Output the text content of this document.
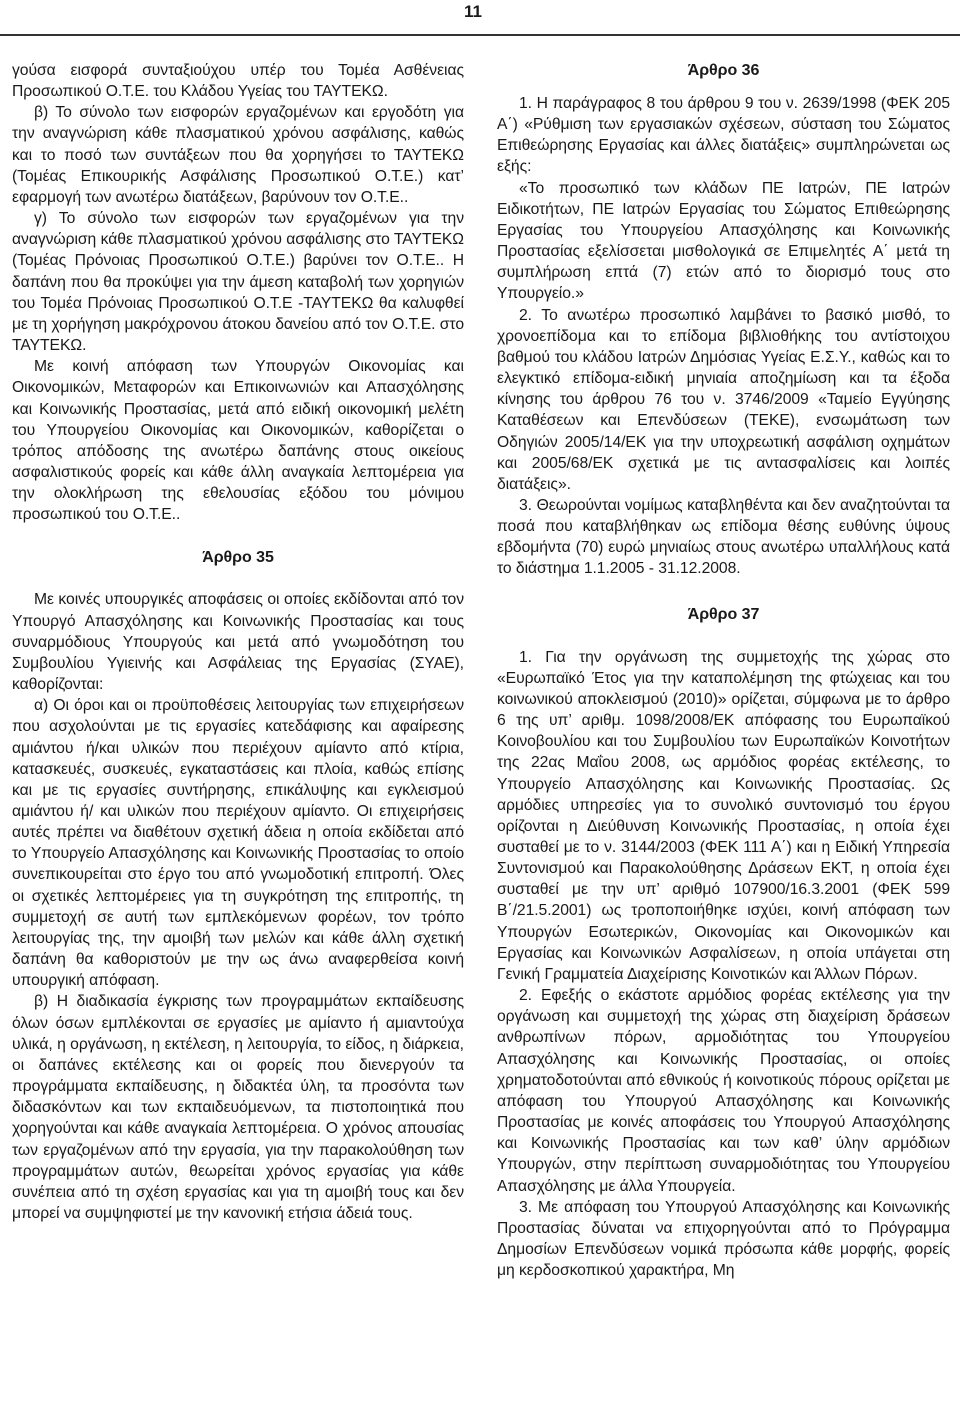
11

γούσα εισφορά συνταξιούχου υπέρ του Τομέα Ασθένειας Προσωπικού Ο.Τ.Ε. του Κλάδου Υγείας του ΤΑΥΤΕΚΩ.

β) Το σύνολο των εισφορών εργαζομένων και εργοδότη για την αναγνώριση κάθε πλασματικού χρόνου ασφάλισης, καθώς και το ποσό των συντάξεων που θα χορηγήσει το ΤΑΥΤΕΚΩ (Τομέας Επικουρικής Ασφάλισης Προσωπικού Ο.Τ.Ε.) κατ’ εφαρμογή των ανωτέρω διατάξεων, βαρύνουν τον Ο.Τ.Ε..

γ) Το σύνολο των εισφορών των εργαζομένων για την αναγνώριση κάθε πλασματικού χρόνου ασφάλισης στο ΤΑΥΤΕΚΩ (Τομέας Πρόνοιας Προσωπικού Ο.Τ.Ε.) βαρύνει τον Ο.Τ.Ε.. Η δαπάνη που θα προκύψει για την άμεση καταβολή των χορηγιών του Τομέα Πρόνοιας Προσωπικού Ο.Τ.Ε -ΤΑΥΤΕΚΩ θα καλυφθεί με τη χορήγηση μακρόχρονου άτοκου δανείου από τον Ο.Τ.Ε. στο ΤΑΥΤΕΚΩ.

Με κοινή απόφαση των Υπουργών Οικονομίας και Οικονομικών, Μεταφορών και Επικοινωνιών και Απασχόλησης και Κοινωνικής Προστασίας, μετά από ειδική οικονομική μελέτη του Υπουργείου Οικονομίας και Οικονομικών, καθορίζεται ο τρόπος απόδοσης της ανωτέρω δαπάνης στους οικείους ασφαλιστικούς φορείς και κάθε άλλη αναγκαία λεπτομέρεια για την ολοκλήρωση της εθελουσίας εξόδου του μόνιμου προσωπικού του Ο.Τ.Ε..

Άρθρο 35

Με κοινές υπουργικές αποφάσεις οι οποίες εκδίδονται από τον Υπουργό Απασχόλησης και Κοινωνικής Προστασίας και τους συναρμόδιους Υπουργούς και μετά από γνωμοδότηση του Συμβουλίου Υγιεινής και Ασφάλειας της Εργασίας (ΣΥΑΕ), καθορίζονται:

α) Οι όροι και οι προϋποθέσεις λειτουργίας των επιχειρήσεων που ασχολούνται με τις εργασίες κατεδάφισης και αφαίρεσης αμιάντου ή/και υλικών που περιέχουν αμίαντο από κτίρια, κατασκευές, συσκευές, εγκαταστάσεις και πλοία, καθώς επίσης και με τις εργασίες συντήρησης, επικάλυψης και εγκλεισμού αμιάντου ή/ και υλικών που περιέχουν αμίαντο. Οι επιχειρήσεις αυτές πρέπει να διαθέτουν σχετική άδεια η οποία εκδίδεται από το Υπουργείο Απασχόλησης και Κοινωνικής Προστασίας το οποίο συνεπικουρείται στο έργο του από γνωμοδοτική επιτροπή. Όλες οι σχετικές λεπτομέρειες για τη συγκρότηση της επιτροπής, τη συμμετοχή σε αυτή των εμπλεκόμενων φορέων, τον τρόπο λειτουργίας της, την αμοιβή των μελών και κάθε άλλη σχετική δαπάνη θα καθοριστούν με την ως άνω αναφερθείσα κοινή υπουργική απόφαση.

β) Η διαδικασία έγκρισης των προγραμμάτων εκπαίδευσης όλων όσων εμπλέκονται σε εργασίες με αμίαντο ή αμιαντούχα υλικά, η οργάνωση, η εκτέλεση, η λειτουργία, το είδος, η διάρκεια, οι δαπάνες εκτέλεσης και οι φορείς που διενεργούν τα προγράμματα εκπαίδευσης, η διδακτέα ύλη, τα προσόντα των διδασκόντων και των εκπαιδευόμενων, τα πιστοποιητικά που χορηγούνται και κάθε αναγκαία λεπτομέρεια. Ο χρόνος απουσίας των εργαζομένων από την εργασία, για την παρακολούθηση των προγραμμάτων αυτών, θεωρείται χρόνος εργασίας για κάθε συνέπεια από τη σχέση εργασίας και για τη αμοιβή τους και δεν μπορεί να συμψηφιστεί με την κανονική ετήσια άδειά τους.

Άρθρο 36

1. Η παράγραφος 8 του άρθρου 9 του ν. 2639/1998 (ΦΕΚ 205 Α΄) «Ρύθμιση των εργασιακών σχέσεων, σύσταση του Σώματος Επιθεώρησης Εργασίας και άλλες διατάξεις» συμπληρώνεται ως εξής:

«Το προσωπικό των κλάδων ΠΕ Ιατρών, ΠΕ Ιατρών Ειδικοτήτων, ΠΕ Ιατρών Εργασίας του Σώματος Επιθεώρησης Εργασίας του Υπουργείου Απασχόλησης και Κοινωνικής Προστασίας εξελίσσεται μισθολογικά σε Επιμελητές Α΄ μετά τη συμπλήρωση επτά (7) ετών από το διορισμό τους στο Υπουργείο.»

2. Το ανωτέρω προσωπικό λαμβάνει το βασικό μισθό, το χρονοεπίδομα και το επίδομα βιβλιοθήκης του αντίστοιχου βαθμού του κλάδου Ιατρών Δημόσιας Υγείας Ε.Σ.Υ., καθώς και το ελεγκτικό επίδομα-ειδική μηνιαία αποζημίωση και τα έξοδα κίνησης του άρθρου 76 του ν. 3746/2009 «Ταμείο Εγγύησης Καταθέσεων και Επενδύσεων (ΤΕΚΕ), ενσωμάτωση των Οδηγιών 2005/14/ΕΚ για την υποχρεωτική ασφάλιση οχημάτων και 2005/68/ΕΚ σχετικά με τις αντασφαλίσεις και λοιπές διατάξεις».

3. Θεωρούνται νομίμως καταβληθέντα και δεν αναζητούνται τα ποσά που καταβλήθηκαν ως επίδομα θέσης ευθύνης ύψους εβδομήντα (70) ευρώ μηνιαίως στους ανωτέρω υπαλλήλους κατά το διάστημα 1.1.2005 - 31.12.2008.

Άρθρο 37

1. Για την οργάνωση της συμμετοχής της χώρας στο «Ευρωπαϊκό Έτος για την καταπολέμηση της φτώχειας και του κοινωνικού αποκλεισμού (2010)» ορίζεται, σύμφωνα με το άρθρο 6 της υπ’ αριθμ. 1098/2008/ΕΚ απόφασης του Ευρωπαϊκού Κοινοβουλίου και του Συμβουλίου των Ευρωπαϊκών Κοινοτήτων της 22ας Μαΐου 2008, ως αρμόδιος φορέας εκτέλεσης, το Υπουργείο Απασχόλησης και Κοινωνικής Προστασίας. Ως αρμόδιες υπηρεσίες για το συνολικό συντονισμό του έργου ορίζονται η Διεύθυνση Κοινωνικής Προστασίας, η οποία έχει συσταθεί με το ν. 3144/2003 (ΦΕΚ 111 Α΄) και η Ειδική Υπηρεσία Συντονισμού και Παρακολούθησης Δράσεων ΕΚΤ, η οποία έχει συσταθεί με την υπ’ αριθμό 107900/16.3.2001 (ΦΕΚ 599 Β΄/21.5.2001) ως τροποποιήθηκε ισχύει, κοινή απόφαση των Υπουργών Εσωτερικών, Οικονομίας και Οικονομικών και Εργασίας και Κοινωνικών Ασφαλίσεων, η οποία υπάγεται στη Γενική Γραμματεία Διαχείρισης Κοινοτικών και Άλλων Πόρων.

2. Εφεξής ο εκάστοτε αρμόδιος φορέας εκτέλεσης για την οργάνωση και συμμετοχή της χώρας στη διαχείριση δράσεων ανθρωπίνων πόρων, αρμοδιότητας του Υπουργείου Απασχόλησης και Κοινωνικής Προστασίας, οι οποίες χρηματοδοτούνται από εθνικούς ή κοινοτικούς πόρους ορίζεται με απόφαση του Υπουργού Απασχόλησης και Κοινωνικής Προστασίας με κοινές αποφάσεις του Υπουργού Απασχόλησης και Κοινωνικής Προστασίας και των καθ’ ύλην αρμόδιων Υπουργών, στην περίπτωση συναρμοδιότητας του Υπουργείου Απασχόλησης με άλλα Υπουργεία.

3. Με απόφαση του Υπουργού Απασχόλησης και Κοινωνικής Προστασίας δύναται να επιχορηγούνται από το Πρόγραμμα Δημοσίων Επενδύσεων νομικά πρόσωπα κάθε μορφής, φορείς μη κερδοσκοπικού χαρακτήρα, Μη
